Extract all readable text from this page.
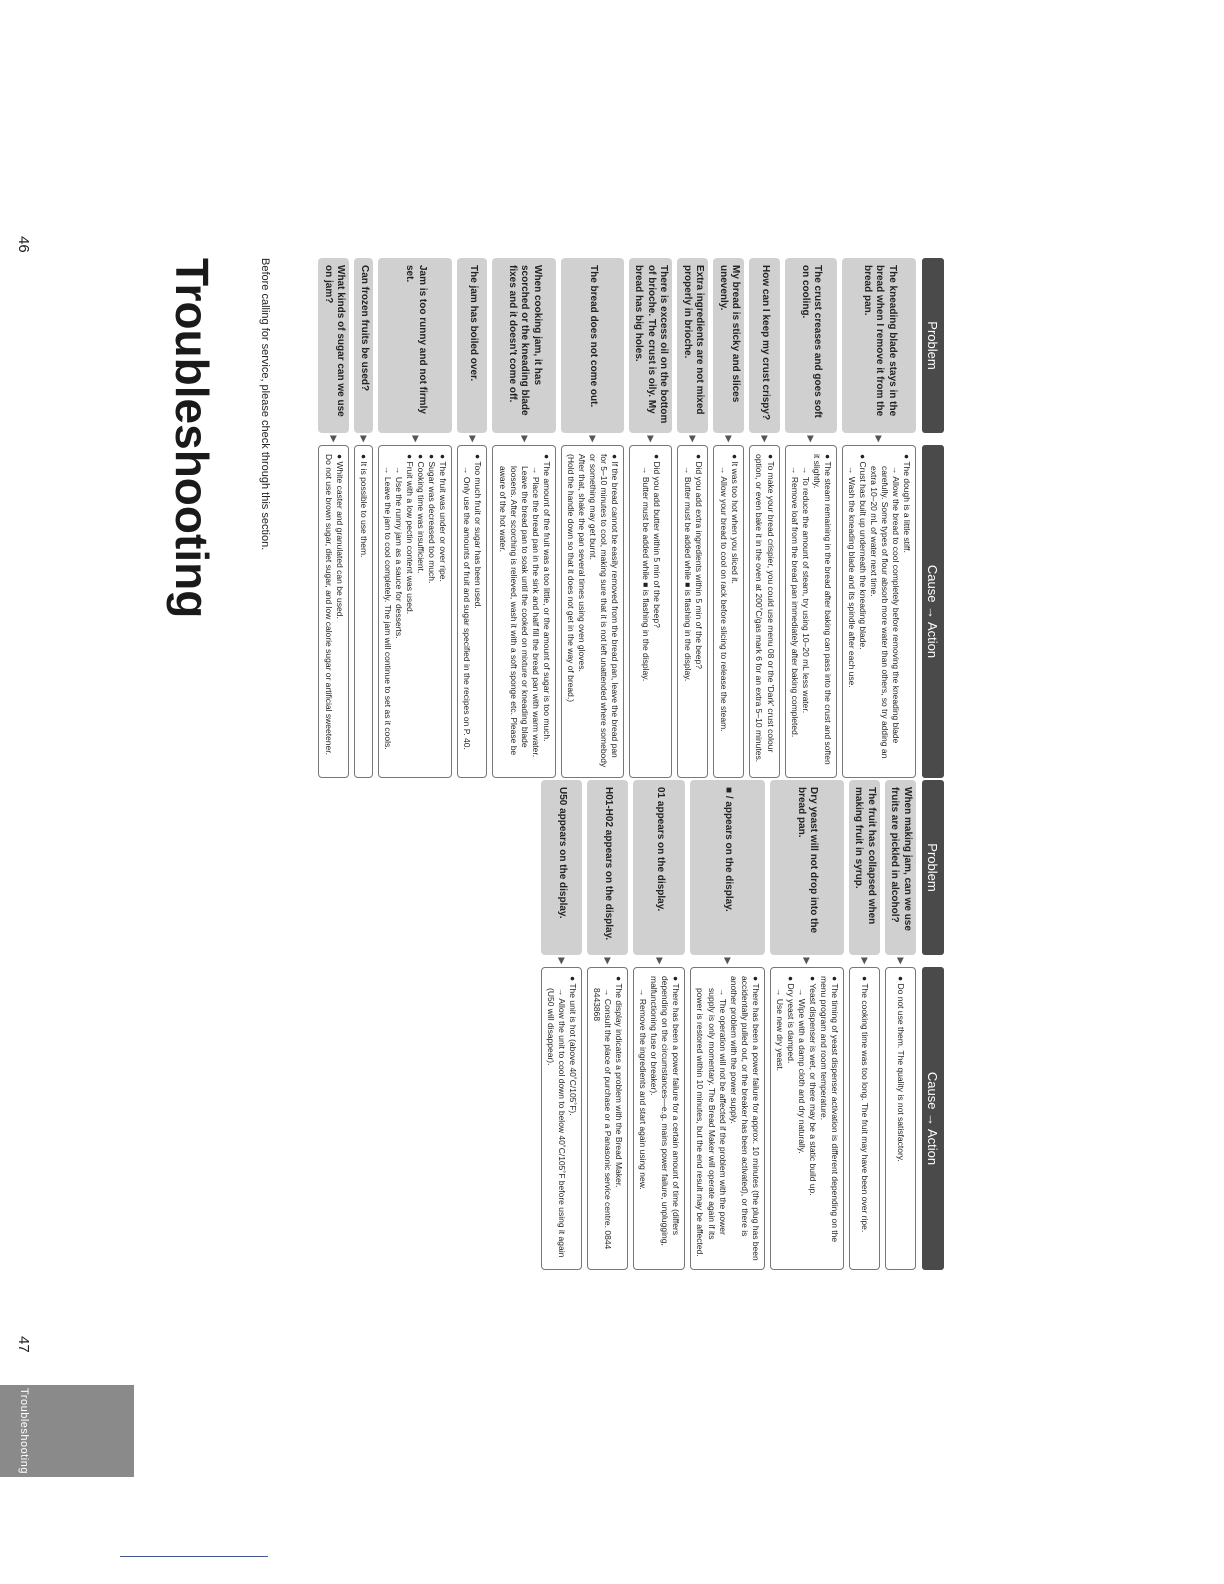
46
47
Troubleshooting
Troubleshooting	Before calling for service, please check through this section.	Problem
Cause → Action
The kneading blade stays in the bread when I remove it from the bread pan.
▶
● The dough is a little stiff.
→ Allow the bread to cool completely before removing the kneading blade carefully. Some types of flour absorb more water than others, so try adding an extra 10–20 mL of water next time.
● Crust has built up underneath the kneading blade.
→ Wash the kneading blade and its spindle after each use.
The crust creases and goes soft on cooling.
▶
● The steam remaining in the bread after baking can pass into the crust and soften it slightly.
→ To reduce the amount of steam, try using 10–20 mL less water.
→ Remove loaf from the bread pan immediately after baking completed.
How can I keep my crust crispy?
▶
● To make your bread crispier, you could use menu 08 or the 'Dark' crust colour option, or even bake it in the oven at 200˚C/gas mark 6 for an extra 5–10 minutes.
My bread is sticky and slices unevenly.
▶
● It was too hot when you sliced it.
→ Allow your bread to cool on rack before slicing to release the steam.
Extra ingredients are not mixed properly in brioche.
▶
● Did you add extra ingredients within 5 min of the beep?
→ Butter must be added while ■ is flashing in the display.
There is excess oil on the bottom of brioche. The crust is oily. My bread has big holes.
▶
● Did you add butter within 5 min of the beep?
→ Butter must be added while ■ is flashing in the display.
The bread does not come out.
▶
● If the bread cannot be easily removed from the bread pan, leave the bread pan for 5–10 minutes to cool, making sure that it is not left unattended where somebody or something may get burnt.
After that, shake the pan several times using oven gloves.
(Hold the handle down so that it does not get in the way of bread.)
When cooking jam, it has scorched or the kneading blade fixes and it doesn't come off.
▶
● The amount of the fruit was a too little, or the amount of sugar is too much.
→ Place the bread pan in the sink and half fill the bread pan with warm water. Leave the bread pan to soak until the cooked on mixture or kneading blade loosens. After scorching is relieved, wash it with a soft sponge etc. Please be aware of the hot water.
The jam has boiled over.
▶
● Too much fruit or sugar has been used.
→ Only use the amounts of fruit and sugar specified in the recipes on P. 40.
Jam is too runny and not firmly set.
▶
● The fruit was under or over ripe.
● Sugar was decreased too much.
● Cooking time was insufficient.
● Fruit with a low pectin content was used.
→ Use the runny jam as a sauce for desserts.
→ Leave the jam to cool completely. The jam will continue to set as it cools.
Can frozen fruits be used?
▶
● It is possible to use them.
What kinds of sugar can we use on jam?
▶
● White caster and granulated can be used.
Do not use brown sugar, diet sugar, and low calorie sugar or artificial sweetener.
Problem
Cause → Action
When making jam, can we use fruits are pickled in alcohol?
▶
● Do not use them. The quality is not satisfactory.
The fruit has collapsed when making fruit in syrup.
▶
● The cooking time was too long. The fruit may have been over ripe.
Dry yeast will not drop into the bread pan.
▶
● The timing of yeast dispenser activation is different depending on the menu program and room temperature.
● Yeast dispenser is wet, or there may be a static build up.
→ Wipe with a damp cloth and dry naturally.
● Dry yeast is damped.
→ Use new dry yeast.
■ / appears on the display.
▶
● There has been a power failure for approx. 10 minutes (the plug has been accidentally pulled out, or the breaker has been activated), or there is another problem with the power supply.
→ The operation will not be affected if the problem with the power supply is only momentary. The Bread Maker will operate again if its power is restored within 10 minutes, but the end result may be affected.
01 appears on the display.
▶
● There has been a power failure for a certain amount of time (differs depending on the circumstances—e.g. mains power failure, unplugging, malfunctioning fuse or breaker).
→ Remove the ingredients and start again using new.
H01-H02 appears on the display.
▶
● The display indicates a problem with the Bread Maker.
→ Consult the place of purchase or a Panasonic service centre. 0844 8443868
U50 appears on the display.
▶
● The unit is hot (above 40˚C/105˚F).
→ Allow the unit to cool down to below 40˚C/105˚F before using it again (U50 will disappear).
